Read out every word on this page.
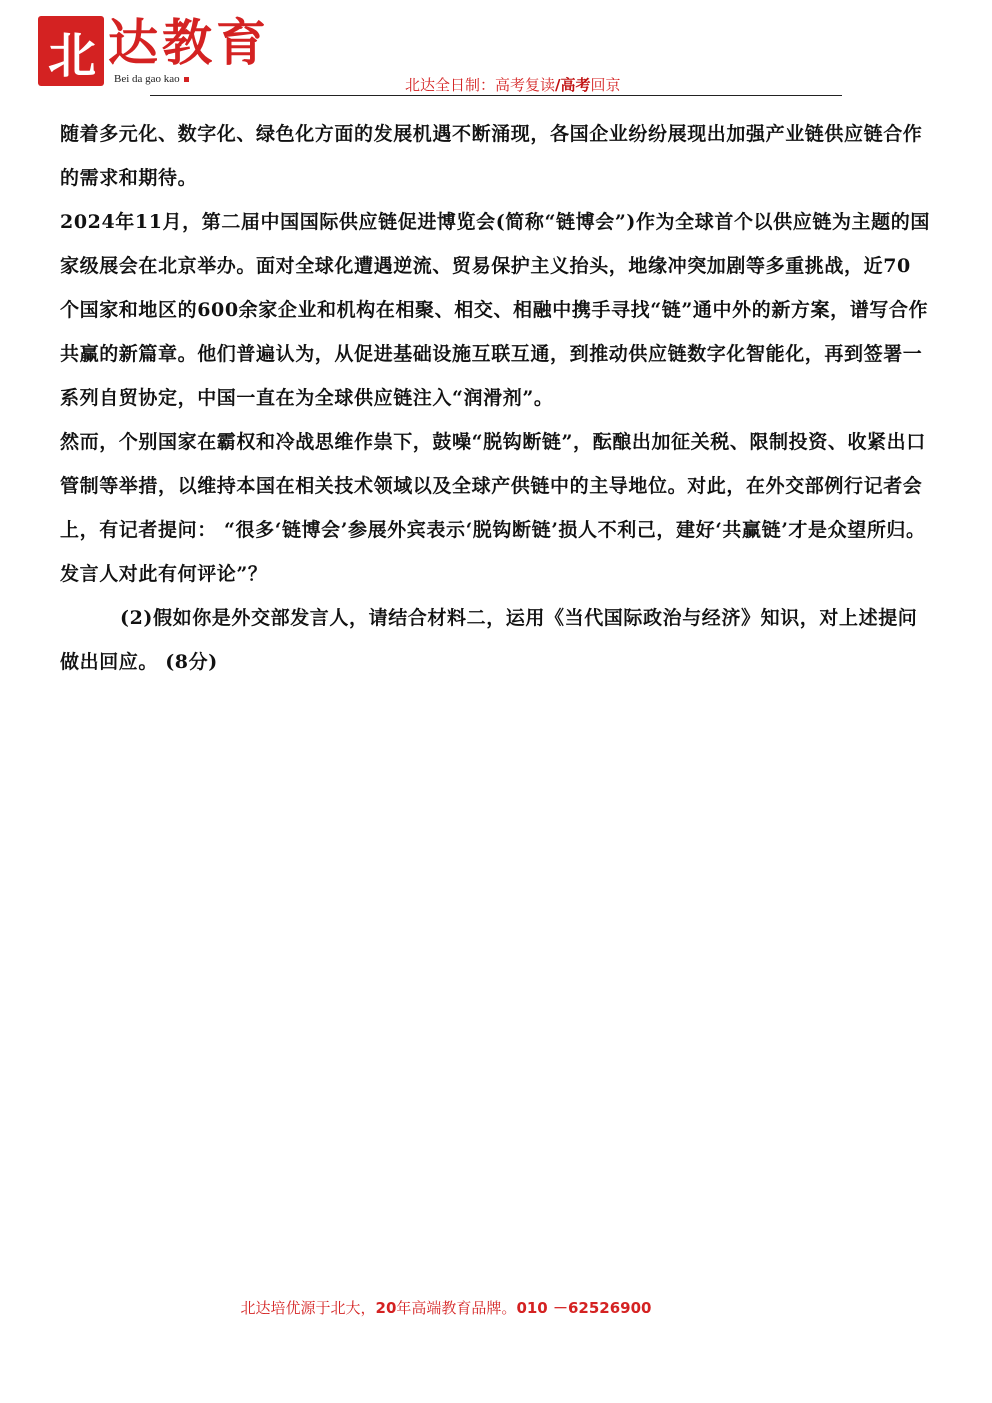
北 达教育
Bei da gao kao	北达全日制：高考复读/高考回京

随着多元化、数字化、绿色化方面的发展机遇不断涌现，各国企业纷纷展现出加强产业链供应链合作的需求和期待。

2024年11月，第二届中国国际供应链促进博览会(简称“链博会”)作为全球首个以供应链为主题的国家级展会在北京举办。面对全球化遭遇逆流、贸易保护主义抬头，地缘冲突加剧等多重挑战，近70个国家和地区的600余家企业和机构在相聚、相交、相融中携手寻找“链”通中外的新方案，谱写合作共赢的新篇章。他们普遍认为，从促进基础设施互联互通，到推动供应链数字化智能化，再到签署一系列自贸协定，中国一直在为全球供应链注入“润滑剂”。

然而，个别国家在霸权和冷战思维作祟下，鼓噪“脱钩断链”，酝酿出加征关税、限制投资、收紧出口管制等举措，以维持本国在相关技术领域以及全球产供链中的主导地位。对此，在外交部例行记者会上，有记者提问： “很多‘链博会’参展外宾表示‘脱钩断链’损人不利己，建好‘共赢链’才是众望所归。发言人对此有何评论”？

(2)假如你是外交部发言人，请结合材料二，运用《当代国际政治与经济》知识，对上述提问做出回应。 (8分)

北达培优源于北大，20年高端教育品牌。010 －62526900
